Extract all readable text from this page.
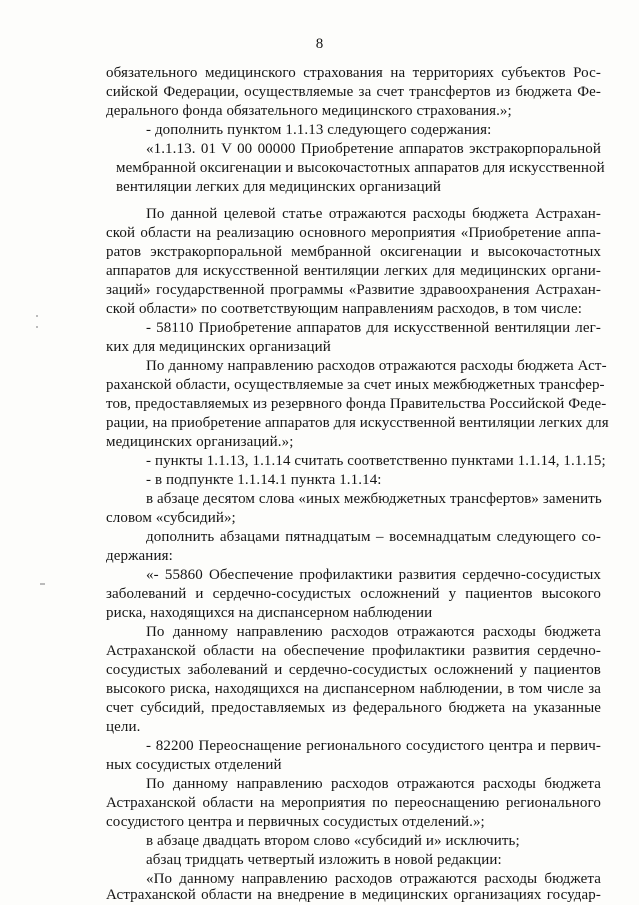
8
обязательного медицинского страхования на территориях субъектов Рос-
сийской Федерации, осуществляемые за счет трансфертов из бюджета Фе-
дерального фонда обязательного медицинского страхования.»;
- дополнить пунктом 1.1.13 следующего содержания:
«1.1.13. 01 V 00 00000 Приобретение аппаратов экстракорпоральной
мембранной оксигенации и высокочастотных аппаратов для искусственной
вентиляции легких для медицинских организаций
По данной целевой статье отражаются расходы бюджета Астрахан-
ской области на реализацию основного мероприятия «Приобретение аппа-
ратов экстракорпоральной мембранной оксигенации и высокочастотных
аппаратов для искусственной вентиляции легких для медицинских органи-
заций» государственной программы «Развитие здравоохранения Астрахан-
ской области» по соответствующим направлениям расходов, в том числе:
- 58110 Приобретение аппаратов для искусственной вентиляции лег-
ких для медицинских организаций
По данному направлению расходов отражаются расходы бюджета Аст-
раханской области, осуществляемые за счет иных межбюджетных трансфер-
тов, предоставляемых из резервного фонда Правительства Российской Феде-
рации, на приобретение аппаратов для искусственной вентиляции легких для
медицинских организаций.»;
- пункты 1.1.13, 1.1.14 считать соответственно пунктами 1.1.14, 1.1.15;
- в подпункте 1.1.14.1 пункта 1.1.14:
в абзаце десятом слова «иных межбюджетных трансфертов» заменить
словом «субсидий»;
дополнить абзацами пятнадцатым – восемнадцатым следующего со-
держания:
«- 55860 Обеспечение профилактики развития сердечно-сосудистых
заболеваний и сердечно-сосудистых осложнений у пациентов высокого
риска, находящихся на диспансерном наблюдении
По данному направлению расходов отражаются расходы бюджета
Астраханской области на обеспечение профилактики развития сердечно-
сосудистых заболеваний и сердечно-сосудистых осложнений у пациентов
высокого риска, находящихся на диспансерном наблюдении, в том числе за
счет субсидий, предоставляемых из федерального бюджета на указанные
цели.
- 82200 Переоснащение регионального сосудистого центра и первич-
ных сосудистых отделений
По данному направлению расходов отражаются расходы бюджета
Астраханской области на мероприятия по переоснащению регионального
сосудистого центра и первичных сосудистых отделений.»;
в абзаце двадцать втором слово «субсидий и» исключить;
абзац тридцать четвертый изложить в новой редакции:
«По данному направлению расходов отражаются расходы бюджета
Астраханской области на внедрение в медицинских организациях государ-
